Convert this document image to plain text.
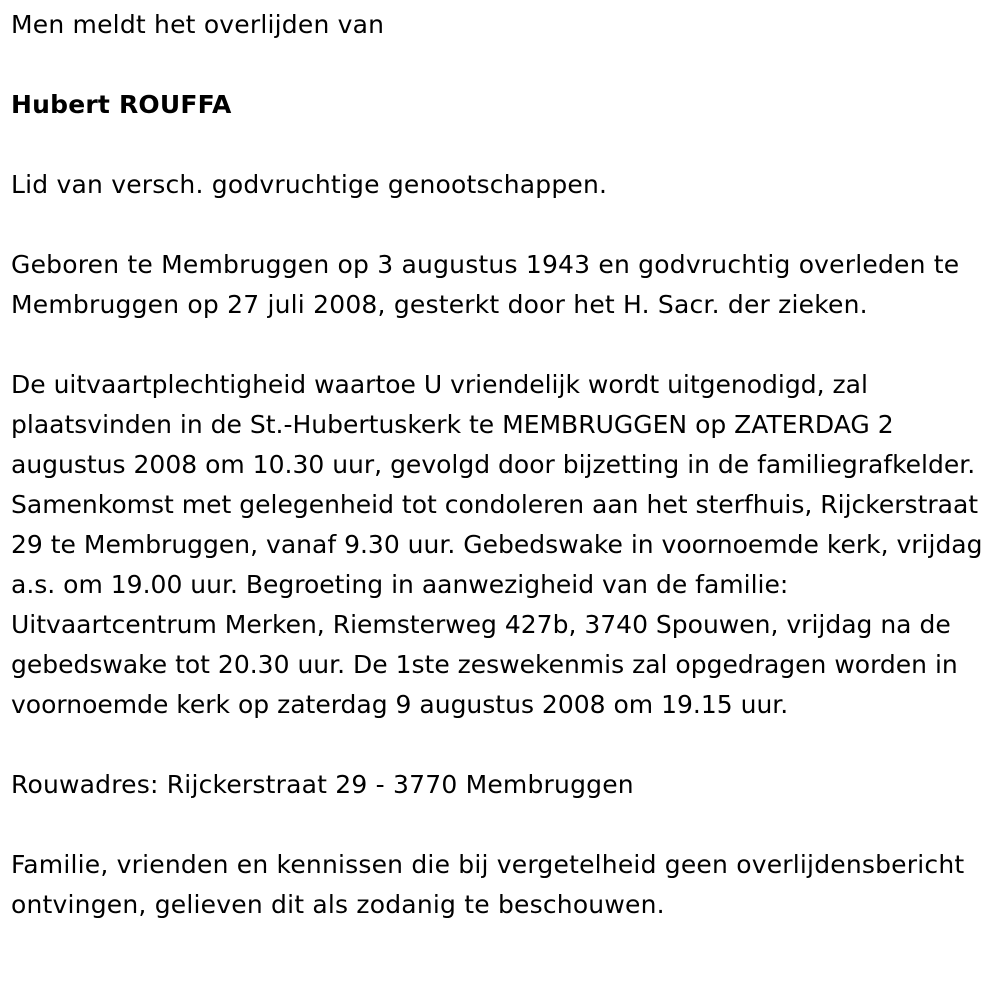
Men meldt het overlijden van

Hubert ROUFFA

Lid van versch. godvruchtige genootschappen.

Geboren te Membruggen op 3 augustus 1943 en godvruchtig overleden te Membruggen op 27 juli 2008, gesterkt door het H. Sacr. der zieken.

De uitvaartplechtigheid waartoe U vriendelijk wordt uitgenodigd, zal plaatsvinden in de St.-Hubertuskerk te MEMBRUGGEN op ZATERDAG 2 augustus 2008 om 10.30 uur, gevolgd door bijzetting in de familiegrafkelder. Samenkomst met gelegenheid tot condoleren aan het sterfhuis, Rijckerstraat 29 te Membruggen, vanaf 9.30 uur. Gebedswake in voornoemde kerk, vrijdag a.s. om 19.00 uur. Begroeting in aanwezigheid van de familie: Uitvaartcentrum Merken, Riemsterweg 427b, 3740 Spouwen, vrijdag na de gebedswake tot 20.30 uur. De 1ste zeswekenmis zal opgedragen worden in voornoemde kerk op zaterdag 9 augustus 2008 om 19.15 uur.

Rouwadres: Rijckerstraat 29 - 3770 Membruggen

Familie, vrienden en kennissen die bij vergetelheid geen overlijdensbericht ontvingen, gelieven dit als zodanig te beschouwen.
